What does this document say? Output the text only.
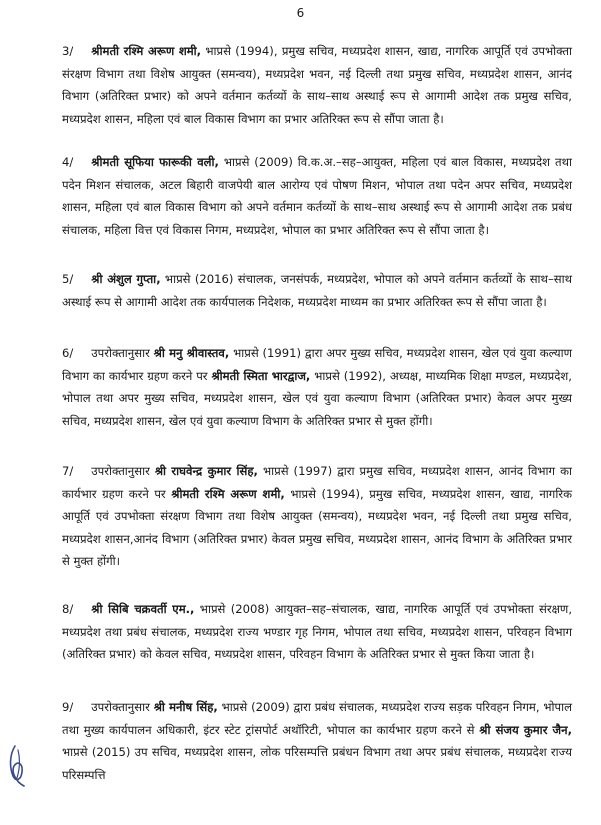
6

3/ श्रीमती रश्मि अरूण शमी, भाप्रसे (1994), प्रमुख सचिव, मध्यप्रदेश शासन, खाद्य, नागरिक आपूर्ति एवं उपभोक्ता संरक्षण विभाग तथा विशेष आयुक्त (समन्वय), मध्यप्रदेश भवन, नई दिल्ली तथा प्रमुख सचिव, मध्यप्रदेश शासन, आनंद विभाग (अतिरिक्त प्रभार) को अपने वर्तमान कर्तव्यों के साथ–साथ अस्थाई रूप से आगामी आदेश तक प्रमुख सचिव, मध्यप्रदेश शासन, महिला एवं बाल विकास विभाग का प्रभार अतिरिक्त रूप से सौंपा जाता है।

4/ श्रीमती सूफिया फारूकी वली, भाप्रसे (2009) वि.क.अ.–सह–आयुक्त, महिला एवं बाल विकास, मध्यप्रदेश तथा पदेन मिशन संचालक, अटल बिहारी वाजपेयी बाल आरोग्य एवं पोषण मिशन, भोपाल तथा पदेन अपर सचिव, मध्यप्रदेश शासन, महिला एवं बाल विकास विभाग को अपने वर्तमान कर्तव्यों के साथ–साथ अस्थाई रूप से आगामी आदेश तक प्रबंध संचालक, महिला वित्त एवं विकास निगम, मध्यप्रदेश, भोपाल का प्रभार अतिरिक्त रूप से सौंपा जाता है।

5/ श्री अंशुल गुप्ता, भाप्रसे (2016) संचालक, जनसंपर्क, मध्यप्रदेश, भोपाल को अपने वर्तमान कर्तव्यों के साथ–साथ अस्थाई रूप से आगामी आदेश तक कार्यपालक निदेशक, मध्यप्रदेश माध्यम का प्रभार अतिरिक्त रूप से सौंपा जाता है।

6/ उपरोक्तानुसार श्री मनु श्रीवास्तव, भाप्रसे (1991) द्वारा अपर मुख्य सचिव, मध्यप्रदेश शासन, खेल एवं युवा कल्याण विभाग का कार्यभार ग्रहण करने पर श्रीमती स्मिता भारद्वाज, भाप्रसे (1992), अध्यक्ष, माध्यमिक शिक्षा मण्डल, मध्यप्रदेश, भोपाल तथा अपर मुख्य सचिव, मध्यप्रदेश शासन, खेल एवं युवा कल्याण विभाग (अतिरिक्त प्रभार) केवल अपर मुख्य सचिव, मध्यप्रदेश शासन, खेल एवं युवा कल्याण विभाग के अतिरिक्त प्रभार से मुक्त होंगी।

7/ उपरोक्तानुसार श्री राघवेन्द्र कुमार सिंह, भाप्रसे (1997) द्वारा प्रमुख सचिव, मध्यप्रदेश शासन, आनंद विभाग का कार्यभार ग्रहण करने पर श्रीमती रश्मि अरूण शमी, भाप्रसे (1994), प्रमुख सचिव, मध्यप्रदेश शासन, खाद्य, नागरिक आपूर्ति एवं उपभोक्ता संरक्षण विभाग तथा विशेष आयुक्त (समन्वय), मध्यप्रदेश भवन, नई दिल्ली तथा प्रमुख सचिव, मध्यप्रदेश शासन,आनंद विभाग (अतिरिक्त प्रभार) केवल प्रमुख सचिव, मध्यप्रदेश शासन, आनंद विभाग के अतिरिक्त प्रभार से मुक्त होंगी।

8/ श्री सिबि चक्रवर्ती एम., भाप्रसे (2008) आयुक्त–सह–संचालक, खाद्य, नागरिक आपूर्ति एवं उपभोक्ता संरक्षण, मध्यप्रदेश तथा प्रबंध संचालक, मध्यप्रदेश राज्य भण्डार गृह निगम, भोपाल तथा सचिव, मध्यप्रदेश शासन, परिवहन विभाग (अतिरिक्त प्रभार) को केवल सचिव, मध्यप्रदेश शासन, परिवहन विभाग के अतिरिक्त प्रभार से मुक्त किया जाता है।

9/ उपरोक्तानुसार श्री मनीष सिंह, भाप्रसे (2009) द्वारा प्रबंध संचालक, मध्यप्रदेश राज्य सड़क परिवहन निगम, भोपाल तथा मुख्य कार्यपालन अधिकारी, इंटर स्टेट ट्रांसपोर्ट अथॉरिटी, भोपाल का कार्यभार ग्रहण करने से श्री संजय कुमार जैन, भाप्रसे (2015) उप सचिव, मध्यप्रदेश शासन, लोक परिसम्पत्ति प्रबंधन विभाग तथा अपर प्रबंध संचालक, मध्यप्रदेश राज्य परिसम्पत्ति
